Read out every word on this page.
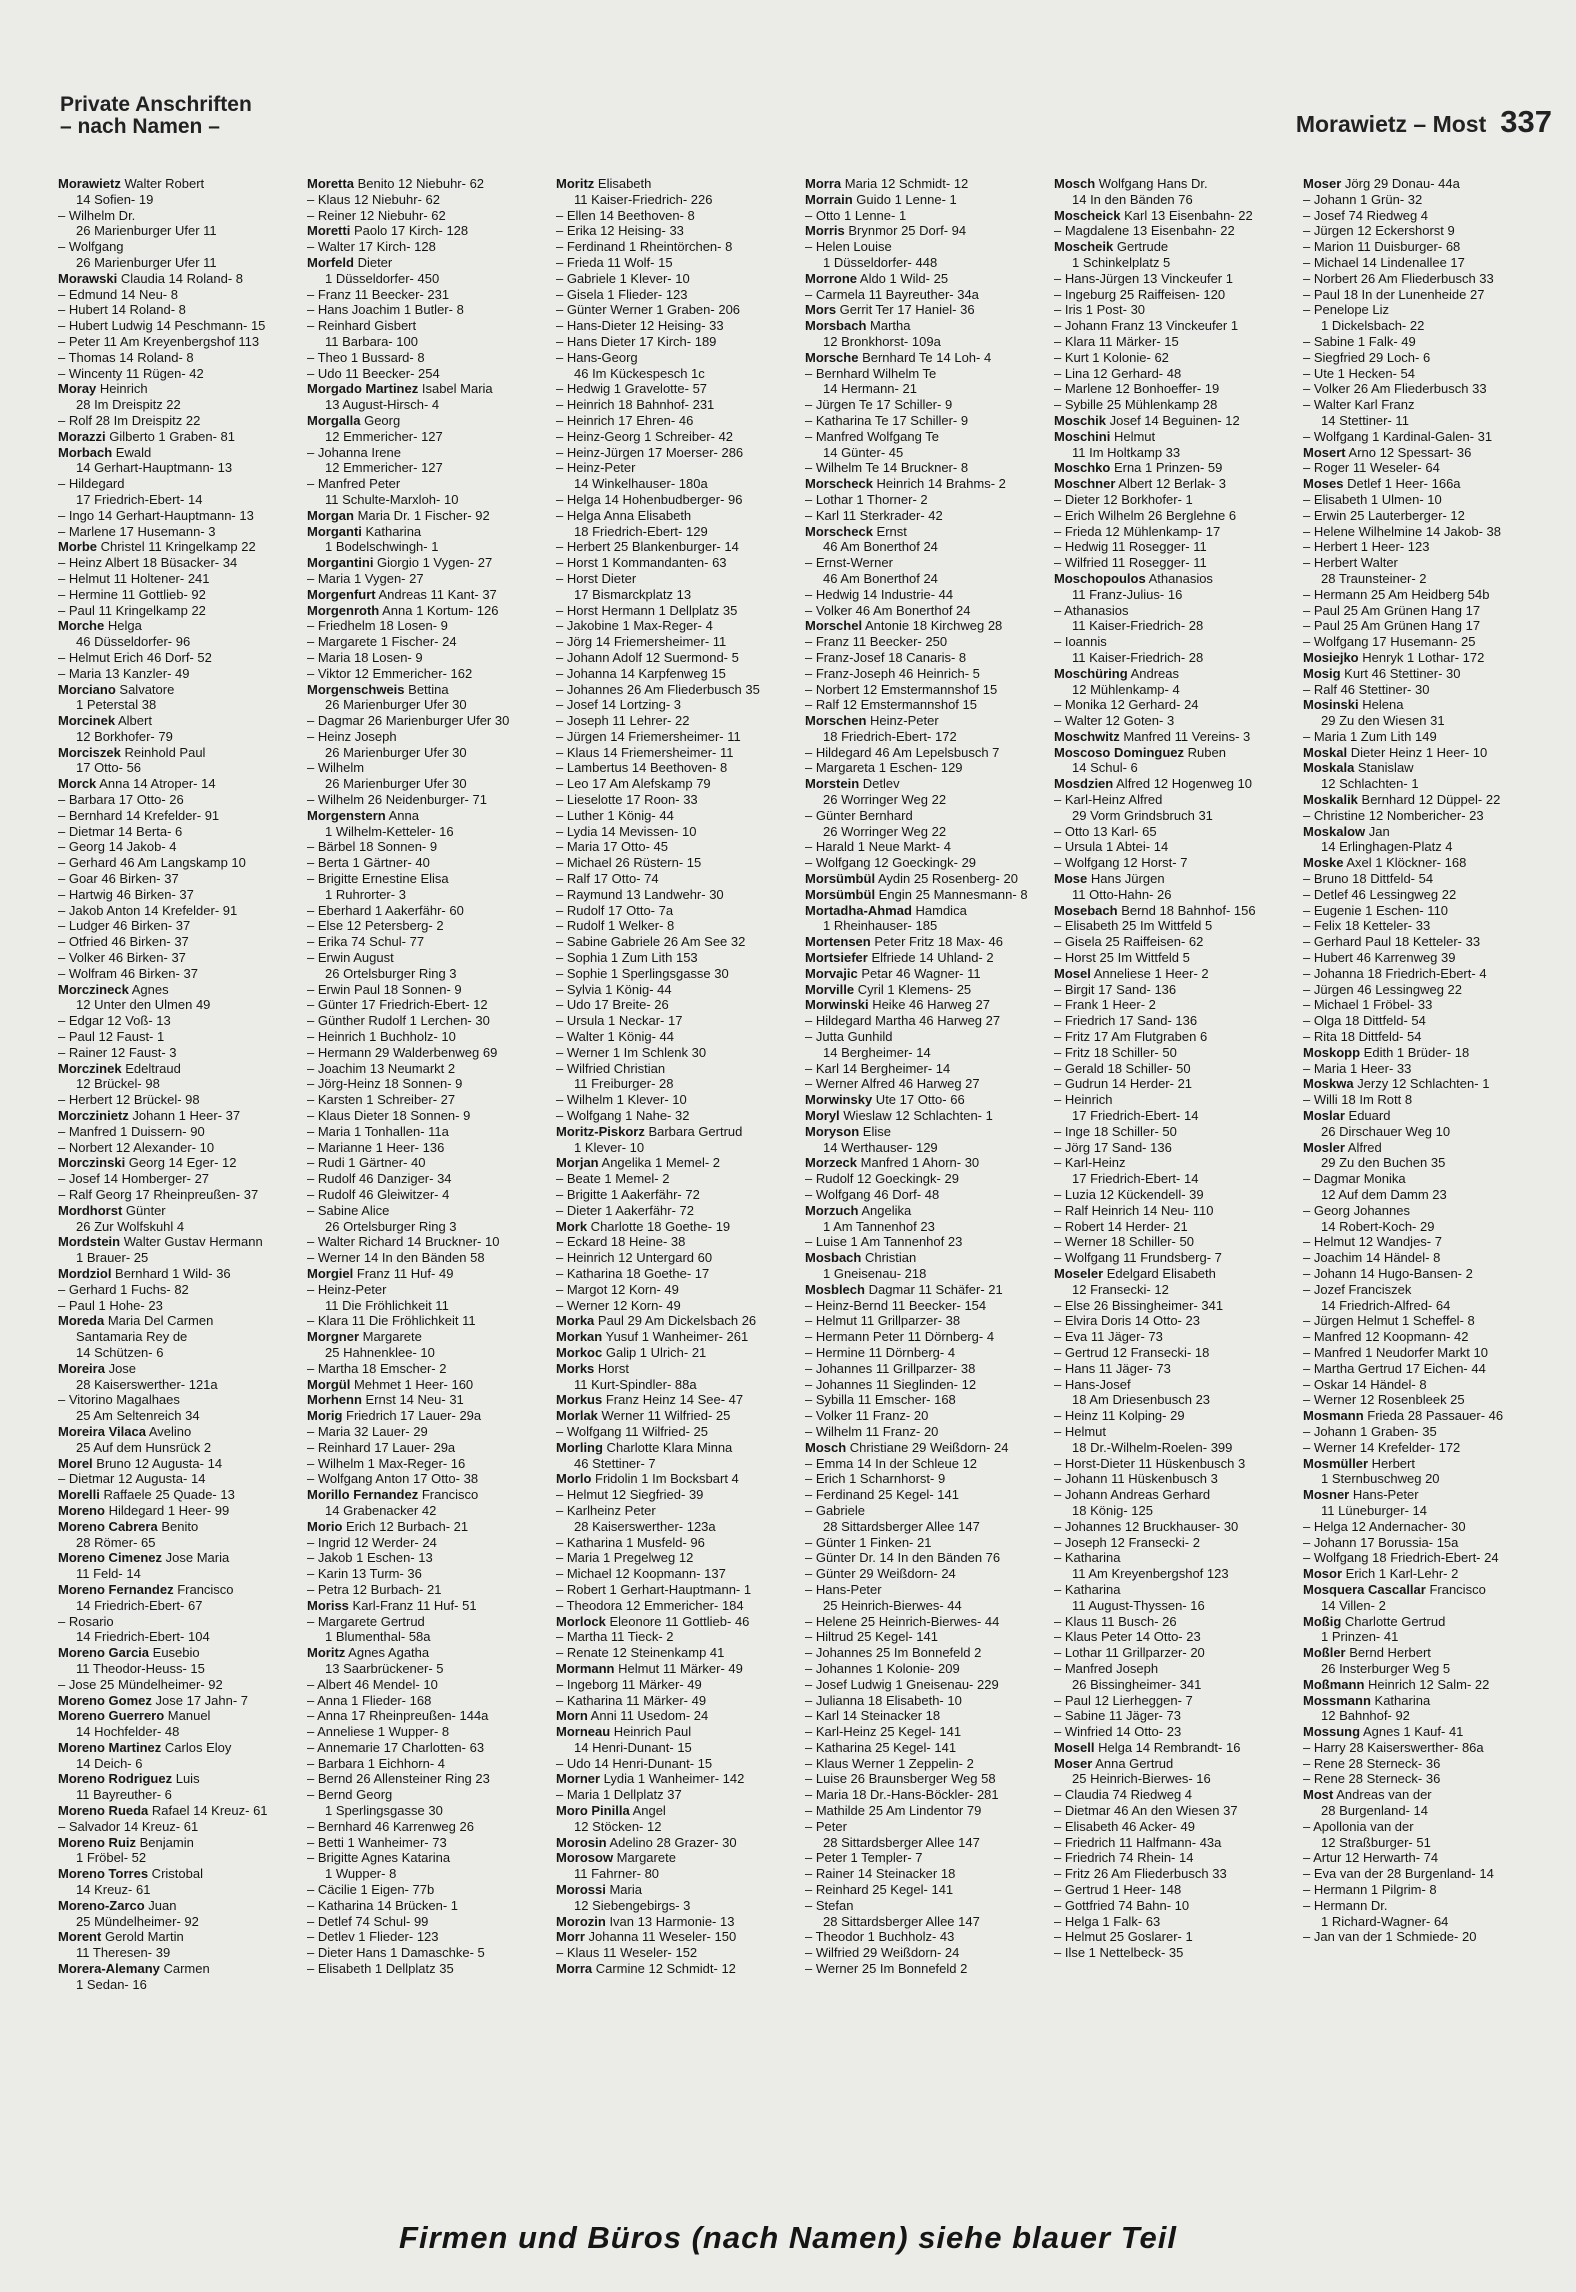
Private Anschriften
– nach Namen –	Morawietz – Most 337
Morawietz Walter Robert
14 Sofien- 19
– Wilhelm Dr.
26 Marienburger Ufer 11
– Wolfgang
26 Marienburger Ufer 11
Morawski Claudia 14 Roland- 8
– Edmund 14 Neu- 8
– Hubert 14 Roland- 8
– Hubert Ludwig 14 Peschmann- 15
– Peter 11 Am Kreyenbergshof 113
– Thomas 14 Roland- 8
– Wincenty 11 Rügen- 42
Moray Heinrich
28 Im Dreispitz 22
– Rolf 28 Im Dreispitz 22
Morazzi Gilberto 1 Graben- 81
Morbach Ewald
14 Gerhart-Hauptmann- 13
– Hildegard
17 Friedrich-Ebert- 14
– Ingo 14 Gerhart-Hauptmann- 13
– Marlene 17 Husemann- 3
Morbe Christel 11 Kringelkamp 22
– Heinz Albert 18 Büsacker- 34
– Helmut 11 Holtener- 241
– Hermine 11 Gottlieb- 92
– Paul 11 Kringelkamp 22
Morche Helga
46 Düsseldorfer- 96
– Helmut Erich 46 Dorf- 52
– Maria 13 Kanzler- 49
Morciano Salvatore
1 Peterstal 38
Morcinek Albert
12 Borkhofer- 79
Morciszek Reinhold Paul
17 Otto- 56
Morck Anna 14 Atroper- 14
– Barbara 17 Otto- 26
– Bernhard 14 Krefelder- 91
– Dietmar 14 Berta- 6
– Georg 14 Jakob- 4
– Gerhard 46 Am Langskamp 10
– Goar 46 Birken- 37
– Hartwig 46 Birken- 37
– Jakob Anton 14 Krefelder- 91
– Ludger 46 Birken- 37
– Otfried 46 Birken- 37
– Volker 46 Birken- 37
– Wolfram 46 Birken- 37
Morczineck Agnes
12 Unter den Ulmen 49
– Edgar 12 Voß- 13
– Paul 12 Faust- 1
– Rainer 12 Faust- 3
Morczinek Edeltraud
12 Brückel- 98
– Herbert 12 Brückel- 98
Morczinietz Johann 1 Heer- 37
– Manfred 1 Duissern- 90
– Norbert 12 Alexander- 10
Morczinski Georg 14 Eger- 12
– Josef 14 Homberger- 27
– Ralf Georg 17 Rheinpreußen- 37
Mordhorst Günter
26 Zur Wolfskuhl 4
Mordstein Walter Gustav Hermann
1 Brauer- 25
Mordziol Bernhard 1 Wild- 36
– Gerhard 1 Fuchs- 82
– Paul 1 Hohe- 23
Moreda Maria Del Carmen
Santamaria Rey de
14 Schützen- 6
Moreira Jose
28 Kaiserswerther- 121a
– Vitorino Magalhaes
25 Am Seltenreich 34
Moreira Vilaca Avelino
25 Auf dem Hunsrück 2
Morel Bruno 12 Augusta- 14
– Dietmar 12 Augusta- 14
Morelli Raffaele 25 Quade- 13
Moreno Hildegard 1 Heer- 99
Moreno Cabrera Benito
28 Römer- 65
Moreno Cimenez Jose Maria
11 Feld- 14
Moreno Fernandez Francisco
14 Friedrich-Ebert- 67
– Rosario
14 Friedrich-Ebert- 104
Moreno Garcia Eusebio
11 Theodor-Heuss- 15
– Jose 25 Mündelheimer- 92
Moreno Gomez Jose 17 Jahn- 7
Moreno Guerrero Manuel
14 Hochfelder- 48
Moreno Martinez Carlos Eloy
14 Deich- 6
Moreno Rodriguez Luis
11 Bayreuther- 6
Moreno Rueda Rafael 14 Kreuz- 61
– Salvador 14 Kreuz- 61
Moreno Ruiz Benjamin
1 Fröbel- 52
Moreno Torres Cristobal
14 Kreuz- 61
Moreno-Zarco Juan
25 Mündelheimer- 92
Morent Gerold Martin
11 Theresen- 39
Morera-Alemany Carmen
1 Sedan- 16
Moretta Benito 12 Niebuhr- 62
– Klaus 12 Niebuhr- 62
– Reiner 12 Niebuhr- 62
Moretti Paolo 17 Kirch- 128
– Walter 17 Kirch- 128
Morfeld Dieter
1 Düsseldorfer- 450
– Franz 11 Beecker- 231
– Hans Joachim 1 Butler- 8
– Reinhard Gisbert
11 Barbara- 100
– Theo 1 Bussard- 8
– Udo 11 Beecker- 254
Morgado Martinez Isabel Maria
13 August-Hirsch- 4
Morgalla Georg
12 Emmericher- 127
– Johanna Irene
12 Emmericher- 127
– Manfred Peter
11 Schulte-Marxloh- 10
Morgan Maria Dr. 1 Fischer- 92
Morganti Katharina
1 Bodelschwingh- 1
Morgantini Giorgio 1 Vygen- 27
– Maria 1 Vygen- 27
Morgenfurt Andreas 11 Kant- 37
Morgenroth Anna 1 Kortum- 126
– Friedhelm 18 Losen- 9
– Margarete 1 Fischer- 24
– Maria 18 Losen- 9
– Viktor 12 Emmericher- 162
Morgenschweis Bettina
26 Marienburger Ufer 30
– Dagmar 26 Marienburger Ufer 30
– Heinz Joseph
26 Marienburger Ufer 30
– Wilhelm
26 Marienburger Ufer 30
– Wilhelm 26 Neidenburger- 71
Morgenstern Anna
1 Wilhelm-Ketteler- 16
– Bärbel 18 Sonnen- 9
– Berta 1 Gärtner- 40
– Brigitte Ernestine Elisa
1 Ruhrorter- 3
– Eberhard 1 Aakerfähr- 60
– Else 12 Petersberg- 2
– Erika 74 Schul- 77
– Erwin August
26 Ortelsburger Ring 3
– Erwin Paul 18 Sonnen- 9
– Günter 17 Friedrich-Ebert- 12
– Günther Rudolf 1 Lerchen- 30
– Heinrich 1 Buchholz- 10
– Hermann 29 Walderbenweg 69
– Joachim 13 Neumarkt 2
– Jörg-Heinz 18 Sonnen- 9
– Karsten 1 Schreiber- 27
– Klaus Dieter 18 Sonnen- 9
– Maria 1 Tonhallen- 11a
– Marianne 1 Heer- 136
– Rudi 1 Gärtner- 40
– Rudolf 46 Danziger- 34
– Rudolf 46 Gleiwitzer- 4
– Sabine Alice
26 Ortelsburger Ring 3
– Walter Richard 14 Bruckner- 10
– Werner 14 In den Bänden 58
Morgiel Franz 11 Huf- 49
– Heinz-Peter
11 Die Fröhlichkeit 11
– Klara 11 Die Fröhlichkeit 11
Morgner Margarete
25 Hahnenklee- 10
– Martha 18 Emscher- 2
Morgül Mehmet 1 Heer- 160
Morhenn Ernst 14 Neu- 31
Morig Friedrich 17 Lauer- 29a
– Maria 32 Lauer- 29
– Reinhard 17 Lauer- 29a
– Wilhelm 1 Max-Reger- 16
– Wolfgang Anton 17 Otto- 38
Morillo Fernandez Francisco
14 Grabenacker 42
Morio Erich 12 Burbach- 21
– Ingrid 12 Werder- 24
– Jakob 1 Eschen- 13
– Karin 13 Turm- 36
– Petra 12 Burbach- 21
Moriss Karl-Franz 11 Huf- 51
– Margarete Gertrud
1 Blumenthal- 58a
Moritz Agnes Agatha
13 Saarbrückener- 5
– Albert 46 Mendel- 10
– Anna 1 Flieder- 168
– Anna 17 Rheinpreußen- 144a
– Anneliese 1 Wupper- 8
– Annemarie 17 Charlotten- 63
– Barbara 1 Eichhorn- 4
– Bernd 26 Allensteiner Ring 23
– Bernd Georg
1 Sperlingsgasse 30
– Bernhard 46 Karrenweg 26
– Betti 1 Wanheimer- 73
– Brigitte Agnes Katarina
1 Wupper- 8
– Cäcilie 1 Eigen- 77b
– Katharina 14 Brücken- 1
– Detlef 74 Schul- 99
– Detlev 1 Flieder- 123
– Dieter Hans 1 Damaschke- 5
– Elisabeth 1 Dellplatz 35
Moritz Elisabeth
11 Kaiser-Friedrich- 226
– Ellen 14 Beethoven- 8
– Erika 12 Heising- 33
– Ferdinand 1 Rheintörchen- 8
– Frieda 11 Wolf- 15
– Gabriele 1 Klever- 10
– Gisela 1 Flieder- 123
– Günter Werner 1 Graben- 206
– Hans-Dieter 12 Heising- 33
– Hans Dieter 17 Kirch- 189
– Hans-Georg
46 Im Kückespesch 1c
– Hedwig 1 Gravelotte- 57
– Heinrich 18 Bahnhof- 231
– Heinrich 17 Ehren- 46
– Heinz-Georg 1 Schreiber- 42
– Heinz-Jürgen 17 Moerser- 286
– Heinz-Peter
14 Winkelhauser- 180a
– Helga 14 Hohenbudberger- 96
– Helga Anna Elisabeth
18 Friedrich-Ebert- 129
– Herbert 25 Blankenburger- 14
– Horst 1 Kommandanten- 63
– Horst Dieter
17 Bismarckplatz 13
– Horst Hermann 1 Dellplatz 35
– Jakobine 1 Max-Reger- 4
– Jörg 14 Friemersheimer- 11
– Johann Adolf 12 Suermond- 5
– Johanna 14 Karpfenweg 15
– Johannes 26 Am Fliederbusch 35
– Josef 14 Lortzing- 3
– Joseph 11 Lehrer- 22
– Jürgen 14 Friemersheimer- 11
– Klaus 14 Friemersheimer- 11
– Lambertus 14 Beethoven- 8
– Leo 17 Am Alefskamp 79
– Lieselotte 17 Roon- 33
– Luther 1 König- 44
– Lydia 14 Mevissen- 10
– Maria 17 Otto- 45
– Michael 26 Rüstern- 15
– Ralf 17 Otto- 74
– Raymund 13 Landwehr- 30
– Rudolf 17 Otto- 7a
– Rudolf 1 Welker- 8
– Sabine Gabriele 26 Am See 32
– Sophia 1 Zum Lith 153
– Sophie 1 Sperlingsgasse 30
– Sylvia 1 König- 44
– Udo 17 Breite- 26
– Ursula 1 Neckar- 17
– Walter 1 König- 44
– Werner 1 Im Schlenk 30
– Wilfried Christian
11 Freiburger- 28
– Wilhelm 1 Klever- 10
– Wolfgang 1 Nahe- 32
Moritz-Piskorz Barbara Gertrud
1 Klever- 10
Morjan Angelika 1 Memel- 2
– Beate 1 Memel- 2
– Brigitte 1 Aakerfähr- 72
– Dieter 1 Aakerfähr- 72
Mork Charlotte 18 Goethe- 19
– Eckard 18 Heine- 38
– Heinrich 12 Untergard 60
– Katharina 18 Goethe- 17
– Margot 12 Korn- 49
– Werner 12 Korn- 49
Morka Paul 29 Am Dickelsbach 26
Morkan Yusuf 1 Wanheimer- 261
Morkoc Galip 1 Ulrich- 21
Morks Horst
11 Kurt-Spindler- 88a
Morkus Franz Heinz 14 See- 47
Morlak Werner 11 Wilfried- 25
– Wolfgang 11 Wilfried- 25
Morling Charlotte Klara Minna
46 Stettiner- 7
Morlo Fridolin 1 Im Bocksbart 4
– Helmut 12 Siegfried- 39
– Karlheinz Peter
28 Kaiserswerther- 123a
– Katharina 1 Musfeld- 96
– Maria 1 Pregelweg 12
– Michael 12 Koopmann- 137
– Robert 1 Gerhart-Hauptmann- 1
– Theodora 12 Emmericher- 184
Morlock Eleonore 11 Gottlieb- 46
– Martha 11 Tieck- 2
– Renate 12 Steinenkamp 41
Mormann Helmut 11 Märker- 49
– Ingeborg 11 Märker- 49
– Katharina 11 Märker- 49
Morn Anni 11 Usedom- 24
Morneau Heinrich Paul
14 Henri-Dunant- 15
– Udo 14 Henri-Dunant- 15
Morner Lydia 1 Wanheimer- 142
– Maria 1 Dellplatz 37
Moro Pinilla Angel
12 Stöcken- 12
Morosin Adelino 28 Grazer- 30
Morosow Margarete
11 Fahrner- 80
Morossi Maria
12 Siebengebirgs- 3
Morozin Ivan 13 Harmonie- 13
Morr Johanna 11 Weseler- 150
– Klaus 11 Weseler- 152
Morra Carmine 12 Schmidt- 12
Morra Maria 12 Schmidt- 12
Morrain Guido 1 Lenne- 1
– Otto 1 Lenne- 1
Morris Brynmor 25 Dorf- 94
– Helen Louise
1 Düsseldorfer- 448
Morrone Aldo 1 Wild- 25
– Carmela 11 Bayreuther- 34a
Mors Gerrit Ter 17 Haniel- 36
Morsbach Martha
12 Bronkhorst- 109a
Morsche Bernhard Te 14 Loh- 4
– Bernhard Wilhelm Te
14 Hermann- 21
– Jürgen Te 17 Schiller- 9
– Katharina Te 17 Schiller- 9
– Manfred Wolfgang Te
14 Günter- 45
– Wilhelm Te 14 Bruckner- 8
Morscheck Heinrich 14 Brahms- 2
– Lothar 1 Thorner- 2
– Karl 11 Sterkrader- 42
Morscheck Ernst
46 Am Bonerthof 24
– Ernst-Werner
46 Am Bonerthof 24
– Hedwig 14 Industrie- 44
– Volker 46 Am Bonerthof 24
Morschel Antonie 18 Kirchweg 28
– Franz 11 Beecker- 250
– Franz-Josef 18 Canaris- 8
– Franz-Joseph 46 Heinrich- 5
– Norbert 12 Emstermannshof 15
– Ralf 12 Emstermannshof 15
Morschen Heinz-Peter
18 Friedrich-Ebert- 172
– Hildegard 46 Am Lepelsbusch 7
– Margareta 1 Eschen- 129
Morstein Detlev
26 Worringer Weg 22
– Günter Bernhard
26 Worringer Weg 22
– Harald 1 Neue Markt- 4
– Wolfgang 12 Goeckingk- 29
Morsümbül Aydin 25 Rosenberg- 20
Morsümbül Engin 25 Mannesmann- 8
Mortadha-Ahmad Hamdica
1 Rheinhauser- 185
Mortensen Peter Fritz 18 Max- 46
Mortsiefer Elfriede 14 Uhland- 2
Morvajic Petar 46 Wagner- 11
Morville Cyril 1 Klemens- 25
Morwinski Heike 46 Harweg 27
– Hildegard Martha 46 Harweg 27
– Jutta Gunhild
14 Bergheimer- 14
– Karl 14 Bergheimer- 14
– Werner Alfred 46 Harweg 27
Morwinsky Ute 17 Otto- 66
Moryl Wieslaw 12 Schlachten- 1
Moryson Elise
14 Werthauser- 129
Morzeck Manfred 1 Ahorn- 30
– Rudolf 12 Goeckingk- 29
– Wolfgang 46 Dorf- 48
Morzuch Angelika
1 Am Tannenhof 23
– Luise 1 Am Tannenhof 23
Mosbach Christian
1 Gneisenau- 218
Mosblech Dagmar 11 Schäfer- 21
– Heinz-Bernd 11 Beecker- 154
– Helmut 11 Grillparzer- 38
– Hermann Peter 11 Dörnberg- 4
– Hermine 11 Dörnberg- 4
– Johannes 11 Grillparzer- 38
– Johannes 11 Sieglinden- 12
– Sybilla 11 Emscher- 168
– Volker 11 Franz- 20
– Wilhelm 11 Franz- 20
Mosch Christiane 29 Weißdorn- 24
– Emma 14 In der Schleue 12
– Erich 1 Scharnhorst- 9
– Ferdinand 25 Kegel- 141
– Gabriele
28 Sittardsberger Allee 147
– Günter 1 Finken- 21
– Günter Dr. 14 In den Bänden 76
– Günter 29 Weißdorn- 24
– Hans-Peter
25 Heinrich-Bierwes- 44
– Helene 25 Heinrich-Bierwes- 44
– Hiltrud 25 Kegel- 141
– Johannes 25 Im Bonnefeld 2
– Johannes 1 Kolonie- 209
– Josef Ludwig 1 Gneisenau- 229
– Julianna 18 Elisabeth- 10
– Karl 14 Steinacker 18
– Karl-Heinz 25 Kegel- 141
– Katharina 25 Kegel- 141
– Klaus Werner 1 Zeppelin- 2
– Luise 26 Braunsberger Weg 58
– Maria 18 Dr.-Hans-Böckler- 281
– Mathilde 25 Am Lindentor 79
– Peter
28 Sittardsberger Allee 147
– Peter 1 Templer- 7
– Rainer 14 Steinacker 18
– Reinhard 25 Kegel- 141
– Stefan
28 Sittardsberger Allee 147
– Theodor 1 Buchholz- 43
– Wilfried 29 Weißdorn- 24
– Werner 25 Im Bonnefeld 2
Mosch Wolfgang Hans Dr.
14 In den Bänden 76
Moscheick Karl 13 Eisenbahn- 22
– Magdalene 13 Eisenbahn- 22
Moscheik Gertrude
1 Schinkelplatz 5
– Hans-Jürgen 13 Vinckeufer 1
– Ingeburg 25 Raiffeisen- 120
– Iris 1 Post- 30
– Johann Franz 13 Vinckeufer 1
– Klara 11 Märker- 15
– Kurt 1 Kolonie- 62
– Lina 12 Gerhard- 48
– Marlene 12 Bonhoeffer- 19
– Sybille 25 Mühlenkamp 28
Moschik Josef 14 Beguinen- 12
Moschini Helmut
11 Im Holtkamp 33
Moschko Erna 1 Prinzen- 59
Moschner Albert 12 Berlak- 3
– Dieter 12 Borkhofer- 1
– Erich Wilhelm 26 Berglehne 6
– Frieda 12 Mühlenkamp- 17
– Hedwig 11 Rosegger- 11
– Wilfried 11 Rosegger- 11
Moschopoulos Athanasios
11 Franz-Julius- 16
– Athanasios
11 Kaiser-Friedrich- 28
– Ioannis
11 Kaiser-Friedrich- 28
Moschüring Andreas
12 Mühlenkamp- 4
– Monika 12 Gerhard- 24
– Walter 12 Goten- 3
Moschwitz Manfred 11 Vereins- 3
Moscoso Dominguez Ruben
14 Schul- 6
Mosdzien Alfred 12 Hogenweg 10
– Karl-Heinz Alfred
29 Vorm Grindsbruch 31
– Otto 13 Karl- 65
– Ursula 1 Abtei- 14
– Wolfgang 12 Horst- 7
Mose Hans Jürgen
11 Otto-Hahn- 26
Mosebach Bernd 18 Bahnhof- 156
– Elisabeth 25 Im Wittfeld 5
– Gisela 25 Raiffeisen- 62
– Horst 25 Im Wittfeld 5
Mosel Anneliese 1 Heer- 2
– Birgit 17 Sand- 136
– Frank 1 Heer- 2
– Friedrich 17 Sand- 136
– Fritz 17 Am Flutgraben 6
– Fritz 18 Schiller- 50
– Gerald 18 Schiller- 50
– Gudrun 14 Herder- 21
– Heinrich
17 Friedrich-Ebert- 14
– Inge 18 Schiller- 50
– Jörg 17 Sand- 136
– Karl-Heinz
17 Friedrich-Ebert- 14
– Luzia 12 Kückendell- 39
– Ralf Heinrich 14 Neu- 110
– Robert 14 Herder- 21
– Werner 18 Schiller- 50
– Wolfgang 11 Frundsberg- 7
Moseler Edelgard Elisabeth
12 Fransecki- 12
– Else 26 Bissingheimer- 341
– Elvira Doris 14 Otto- 23
– Eva 11 Jäger- 73
– Gertrud 12 Fransecki- 18
– Hans 11 Jäger- 73
– Hans-Josef
18 Am Driesenbusch 23
– Heinz 11 Kolping- 29
– Helmut
18 Dr.-Wilhelm-Roelen- 399
– Horst-Dieter 11 Hüskenbusch 3
– Johann 11 Hüskenbusch 3
– Johann Andreas Gerhard
18 König- 125
– Johannes 12 Bruckhauser- 30
– Joseph 12 Fransecki- 2
– Katharina
11 Am Kreyenbergshof 123
– Katharina
11 August-Thyssen- 16
– Klaus 11 Busch- 26
– Klaus Peter 14 Otto- 23
– Lothar 11 Grillparzer- 20
– Manfred Joseph
26 Bissingheimer- 341
– Paul 12 Lierheggen- 7
– Sabine 11 Jäger- 73
– Winfried 14 Otto- 23
Mosell Helga 14 Rembrandt- 16
Moser Anna Gertrud
25 Heinrich-Bierwes- 16
– Claudia 74 Riedweg 4
– Dietmar 46 An den Wiesen 37
– Elisabeth 46 Acker- 49
– Friedrich 11 Halfmann- 43a
– Friedrich 74 Rhein- 14
– Fritz 26 Am Fliederbusch 33
– Gertrud 1 Heer- 148
– Gottfried 74 Bahn- 10
– Helga 1 Falk- 63
– Helmut 25 Goslarer- 1
– Ilse 1 Nettelbeck- 35
Moser Jörg 29 Donau- 44a
– Johann 1 Grün- 32
– Josef 74 Riedweg 4
– Jürgen 12 Eckershorst 9
– Marion 11 Duisburger- 68
– Michael 14 Lindenallee 17
– Norbert 26 Am Fliederbusch 33
– Paul 18 In der Lunenheide 27
– Penelope Liz
1 Dickelsbach- 22
– Sabine 1 Falk- 49
– Siegfried 29 Loch- 6
– Ute 1 Hecken- 54
– Volker 26 Am Fliederbusch 33
– Walter Karl Franz
14 Stettiner- 11
– Wolfgang 1 Kardinal-Galen- 31
Mosert Arno 12 Spessart- 36
– Roger 11 Weseler- 64
Moses Detlef 1 Heer- 166a
– Elisabeth 1 Ulmen- 10
– Erwin 25 Lauterberger- 12
– Helene Wilhelmine 14 Jakob- 38
– Herbert 1 Heer- 123
– Herbert Walter
28 Traunsteiner- 2
– Hermann 25 Am Heidberg 54b
– Paul 25 Am Grünen Hang 17
– Paul 25 Am Grünen Hang 17
– Wolfgang 17 Husemann- 25
Mosiejko Henryk 1 Lothar- 172
Mosig Kurt 46 Stettiner- 30
– Ralf 46 Stettiner- 30
Mosinski Helena
29 Zu den Wiesen 31
– Maria 1 Zum Lith 149
Moskal Dieter Heinz 1 Heer- 10
Moskala Stanislaw
12 Schlachten- 1
Moskalik Bernhard 12 Düppel- 22
– Christine 12 Nombericher- 23
Moskalow Jan
14 Erlinghagen-Platz 4
Moske Axel 1 Klöckner- 168
– Bruno 18 Dittfeld- 54
– Detlef 46 Lessingweg 22
– Eugenie 1 Eschen- 110
– Felix 18 Ketteler- 33
– Gerhard Paul 18 Ketteler- 33
– Hubert 46 Karrenweg 39
– Johanna 18 Friedrich-Ebert- 4
– Jürgen 46 Lessingweg 22
– Michael 1 Fröbel- 33
– Olga 18 Dittfeld- 54
– Rita 18 Dittfeld- 54
Moskopp Edith 1 Brüder- 18
– Maria 1 Heer- 33
Moskwa Jerzy 12 Schlachten- 1
– Willi 18 Im Rott 8
Moslar Eduard
26 Dirschauer Weg 10
Mosler Alfred
29 Zu den Buchen 35
– Dagmar Monika
12 Auf dem Damm 23
– Georg Johannes
14 Robert-Koch- 29
– Helmut 12 Wandjes- 7
– Joachim 14 Händel- 8
– Johann 14 Hugo-Bansen- 2
– Jozef Franciszek
14 Friedrich-Alfred- 64
– Jürgen Helmut 1 Scheffel- 8
– Manfred 12 Koopmann- 42
– Manfred 1 Neudorfer Markt 10
– Martha Gertrud 17 Eichen- 44
– Oskar 14 Händel- 8
– Werner 12 Rosenbleek 25
Mosmann Frieda 28 Passauer- 46
– Johann 1 Graben- 35
– Werner 14 Krefelder- 172
Mosmüller Herbert
1 Sternbuschweg 20
Mosner Hans-Peter
11 Lüneburger- 14
– Helga 12 Andernacher- 30
– Johann 17 Borussia- 15a
– Wolfgang 18 Friedrich-Ebert- 24
Mosor Erich 1 Karl-Lehr- 2
Mosquera Cascallar Francisco
14 Villen- 2
Moßig Charlotte Gertrud
1 Prinzen- 41
Moßler Bernd Herbert
26 Insterburger Weg 5
Moßmann Heinrich 12 Salm- 22
Mossmann Katharina
12 Bahnhof- 92
Mossung Agnes 1 Kauf- 41
– Harry 28 Kaiserswerther- 86a
– Rene 28 Sterneck- 36
– Rene 28 Sterneck- 36
Most Andreas van der
28 Burgenland- 14
– Apollonia van der
12 Straßburger- 51
– Artur 12 Herwarth- 74
– Eva van der 28 Burgenland- 14
– Hermann 1 Pilgrim- 8
– Hermann Dr.
1 Richard-Wagner- 64
– Jan van der 1 Schmiede- 20
Firmen und Büros (nach Namen) siehe blauer Teil
